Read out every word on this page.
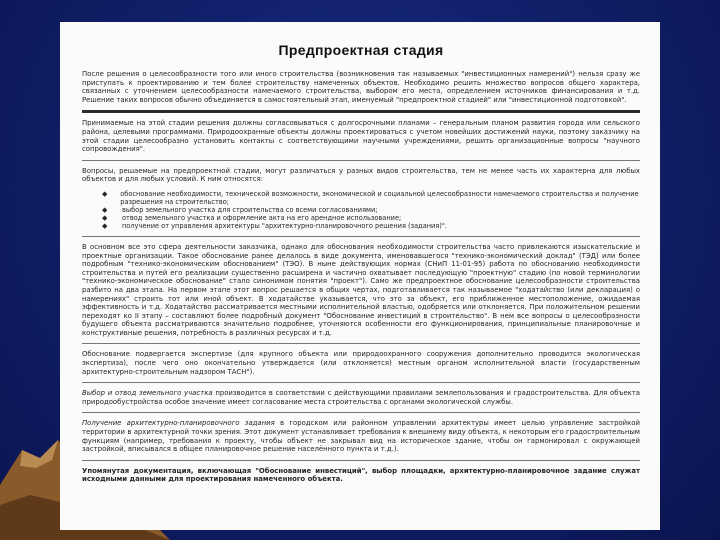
Предпроектная стадия

После решения о целесообразности того или иного строительства (возникновения так называемых "инвестиционных намерений") нельзя сразу же приступать к проектированию и тем более строительству намеченных объектов. Необходимо решить множество вопросов общего характера, связанных с уточнением целесообразности намечаемого строительства, выбором его места, определением источников финансирования и т.д. Решение таких вопросов обычно объединяется в самостоятельный этап, именуемый "предпроектной стадией" или "инвестиционной подготовкой".

Принимаемые на этой стадии решения должны согласовываться с долгосрочными планами – генеральным планом развития города или сельского района, целевыми программами. Природоохранные объекты должны проектироваться с учетом новейших достижений науки, поэтому заказчику на этой стадии целесообразно установить контакты с соответствующими научными учреждениями, решить организационные вопросы "научного сопровождения".

Вопросы, решаемые на предпроектной стадии, могут различаться у разных видов строительства, тем не менее часть их характерна для любых объектов и для любых условий. К ним относятся:

◆	обоснование необходимости, технической возможности, экономической и социальной целесообразности намечаемого строительства и получение разрешения на строительство;
◆	выбор земельного участка для строительства со всеми согласованиями;
◆	отвод земельного участка и оформление акта на его арендное использование;
◆	получение от управления архитектуры "архитектурно-планировочного решения (задания)".

В основном все это сфера деятельности заказчика, однако для обоснования необходимости строительства часто привлекаются изыскательские и проектные организации. Такое обоснование ранее делалось в виде документа, именовавшегося "технико-экономический доклад" (ТЭД) или более подробным "технико-экономическим обоснованием" (ТЭО). В ныне действующих нормах (СНиП 11-01-95) работа по обоснованию необходимости строительства и путей его реализации существенно расширена и частично охватывает последующую "проектную" стадию (по новой терминологии "технико-экономическое обоснование" стало синонимом понятия "проект"). Само же предпроектное обоснование целесообразности строительства разбито на два этапа. На первом этапе этот вопрос решается в общих чертах, подготавливается так называемое "ходатайство (или декларация) о намерениях" строить тот или иной объект. В ходатайстве указывается, что это за объект, его приближенное местоположение, ожидаемая эффективность и т.д. Ходатайство рассматривается местными исполнительной властью, одобряется или отклоняется. При положительном решении переходят ко II этапу – составляют более подробный документ "Обоснование инвестиций в строительство". В нем все вопросы о целесообразности будущего объекта рассматриваются значительно подробнее, уточняются особенности его функционирования, принципиальные планировочные и конструктивные решения, потребность в различных ресурсах и т.д.

Обоснование подвергается экспертизе (для крупного объекта или природоохранного сооружения дополнительно проводится экологическая экспертиза), после чего оно окончательно утверждается (или отклоняется) местным органом исполнительной власти (государственным архитектурно-строительным надзором ТАСН").

Выбор и отвод земельного участка производится в соответствии с действующими правилами землепользования и градостроительства. Для объекта природообустройства особое значение имеет согласование места строительства с органами экологической службы.

Получение архитектурно-планировочного задания в городском или районном управлении архитектуры имеет целью управление застройкой территории в архитектурной точки зрения. Этот документ устанавливает требования к внешнему виду объекта, к некоторым его градостроительным функциям (например, требования к проекту, чтобы объект не закрывал вид на историческое здание, чтобы он гармонировал с окружающей застройкой, вписывался в общее планировочное решение населённого пункта и т.д.).

Упомянутая документация, включающая "Обоснование инвестиций", выбор площадки, архитектурно-планировочное задание служат исходными данными для проектирования намеченного объекта.
